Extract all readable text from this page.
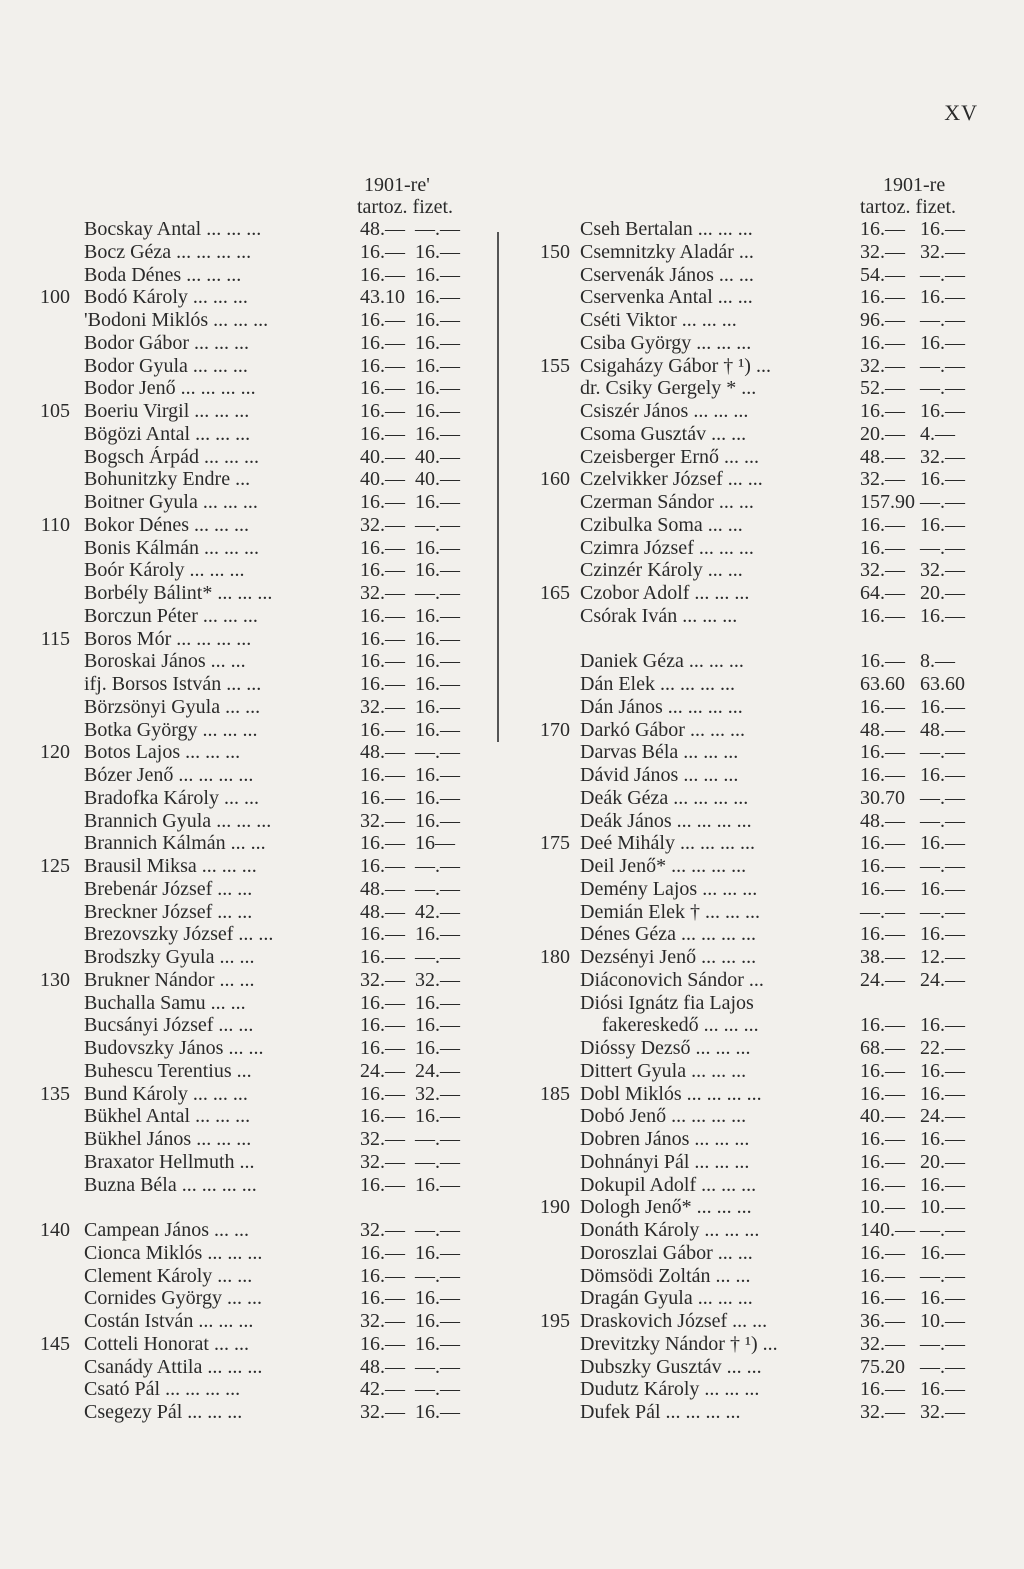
XV
1901-re'
tartoz. fizet.
Bocskay Antal ... ... ...	48.— —.—
Bocz Géza ... ... ... ...	16.— 16.—
Boda Dénes ... ... ...	16.— 16.—
100 Bodó Károly ... ... ...	43.10 16.—
'Bodoni Miklós ... ... ...	16.— 16.—
Bodor Gábor ... ... ...	16.— 16.—
Bodor Gyula ... ... ...	16.— 16.—
Bodor Jenő ... ... ... ...	16.— 16.—
105 Boeriu Virgil ... ... ...	16.— 16.—
Bögözi Antal ... ... ...	16.— 16.—
Bogsch Árpád ... ... ...	40.— 40.—
Bohunitzky Endre ...	40.— 40.—
Boitner Gyula ... ... ...	16.— 16.—
110 Bokor Dénes ... ... ...	32.— —.—
Bonis Kálmán ... ... ...	16.— 16.—
Boór Károly ... ... ...	16.— 16.—
Borbély Bálint* ... ... ...	32.— —.—
Borczun Péter ... ... ...	16.— 16.—
115 Boros Mór ... ... ... ...	16.— 16.—
Boroskai János ... ...	16.— 16.—
ifj. Borsos István ... ...	16.— 16.—
Börzsönyi Gyula ... ...	32.— 16.—
Botka György ... ... ...	16.— 16.—
120 Botos Lajos ... ... ...	48.— —.—
Bózer Jenő ... ... ... ...	16.— 16.—
Bradofka Károly ... ...	16.— 16.—
Brannich Gyula ... ... ...	32.— 16.—
Brannich Kálmán ... ...	16.— 16—
125 Brausil Miksa ... ... ...	16.— —.—
Brebenár József ... ...	48.— —.—
Breckner József ... ...	48.— 42.—
Brezovszky József ... ...	16.— 16.—
Brodszky Gyula ... ...	16.— —.—
130 Brukner Nándor ... ...	32.— 32.—
Buchalla Samu ... ...	16.— 16.—
Bucsányi József ... ...	16.— 16.—
Budovszky János ... ...	16.— 16.—
Buhescu Terentius ...	24.— 24.—
135 Bund Károly ... ... ...	16.— 32.—
Bükhel Antal ... ... ...	16.— 16.—
Bükhel János ... ... ...	32.— —.—
Braxator Hellmuth ...	32.— —.—
Buzna Béla ... ... ... ...	16.— 16.—
140 Campean János ... ...	32.— —.—
Cionca Miklós ... ... ...	16.— 16.—
Clement Károly ... ...	16.— —.—
Cornides György ... ...	16.— 16.—
Costán István ... ... ...	32.— 16.—
145 Cotteli Honorat ... ...	16.— 16.—
Csanády Attila ... ... ...	48.— —.—
Csató Pál ... ... ... ...	42.— —.—
Csegezy Pál ... ... ...	32.— 16.—
1901-re
tartoz. fizet.
Cseh Bertalan ... ... ...	16.— 16.—
150 Csemnitzky Aladár ...	32.— 32.—
Cservenák János ... ...	54.— —.—
Cservenka Antal ... ...	16.— 16.—
Cséti Viktor ... ... ...	96.— —.—
Csiba György ... ... ...	16.— 16.—
155 Csigaházy Gábor † ¹) ...	32.— —.—
dr. Csiky Gergely * ...	52.— —.—
Csiszér János ... ... ...	16.— 16.—
Csoma Gusztáv ... ...	20.— 4.—
Czeisberger Ernő ... ...	48.— 32.—
160 Czelvikker József ... ...	32.— 16.—
Czerman Sándor ... ...	157.90 —.—
Czibulka Soma ... ...	16.— 16.—
Czimra József ... ... ...	16.— —.—
Czinzér Károly ... ...	32.— 32.—
165 Czobor Adolf ... ... ...	64.— 20.—
Csórak Iván ... ... ...	16.— 16.—
Daniek Géza ... ... ...	16.— 8.—
Dán Elek ... ... ... ...	63.60 63.60
Dán János ... ... ... ...	16.— 16.—
170 Darkó Gábor ... ... ...	48.— 48.—
Darvas Béla ... ... ...	16.— —.—
Dávid János ... ... ...	16.— 16.—
Deák Géza ... ... ... ...	30.70 —.—
Deák János ... ... ... ...	48.— —.—
175 Deé Mihály ... ... ... ...	16.— 16.—
Deil Jenő* ... ... ... ...	16.— —.—
Demény Lajos ... ... ...	16.— 16.—
Demián Elek † ... ... ...	—.— —.—
Dénes Géza ... ... ... ...	16.— 16.—
180 Dezsényi Jenő ... ... ...	38.— 12.—
Diáconovich Sándor ...	24.— 24.—
Diósi Ignátz fia Lajos
fakereskedő ... ... ...	16.— 16.—
Dióssy Dezső ... ... ...	68.— 22.—
Dittert Gyula ... ... ...	16.— 16.—
185 Dobl Miklós ... ... ... ...	16.— 16.—
Dobó Jenő ... ... ... ...	40.— 24.—
Dobren János ... ... ...	16.— 16.—
Dohnányi Pál ... ... ...	16.— 20.—
Dokupil Adolf ... ... ...	16.— 16.—
190 Dologh Jenő* ... ... ...	10.— 10.—
Donáth Károly ... ... ...	140.— —.—
Doroszlai Gábor ... ...	16.— 16.—
Dömsödi Zoltán ... ...	16.— —.—
Dragán Gyula ... ... ...	16.— 16.—
195 Draskovich József ... ...	36.— 10.—
Drevitzky Nándor † ¹) ...	32.— —.—
Dubszky Gusztáv ... ...	75.20 —.—
Dudutz Károly ... ... ...	16.— 16.—
Dufek Pál ... ... ... ...	32.— 32.—
